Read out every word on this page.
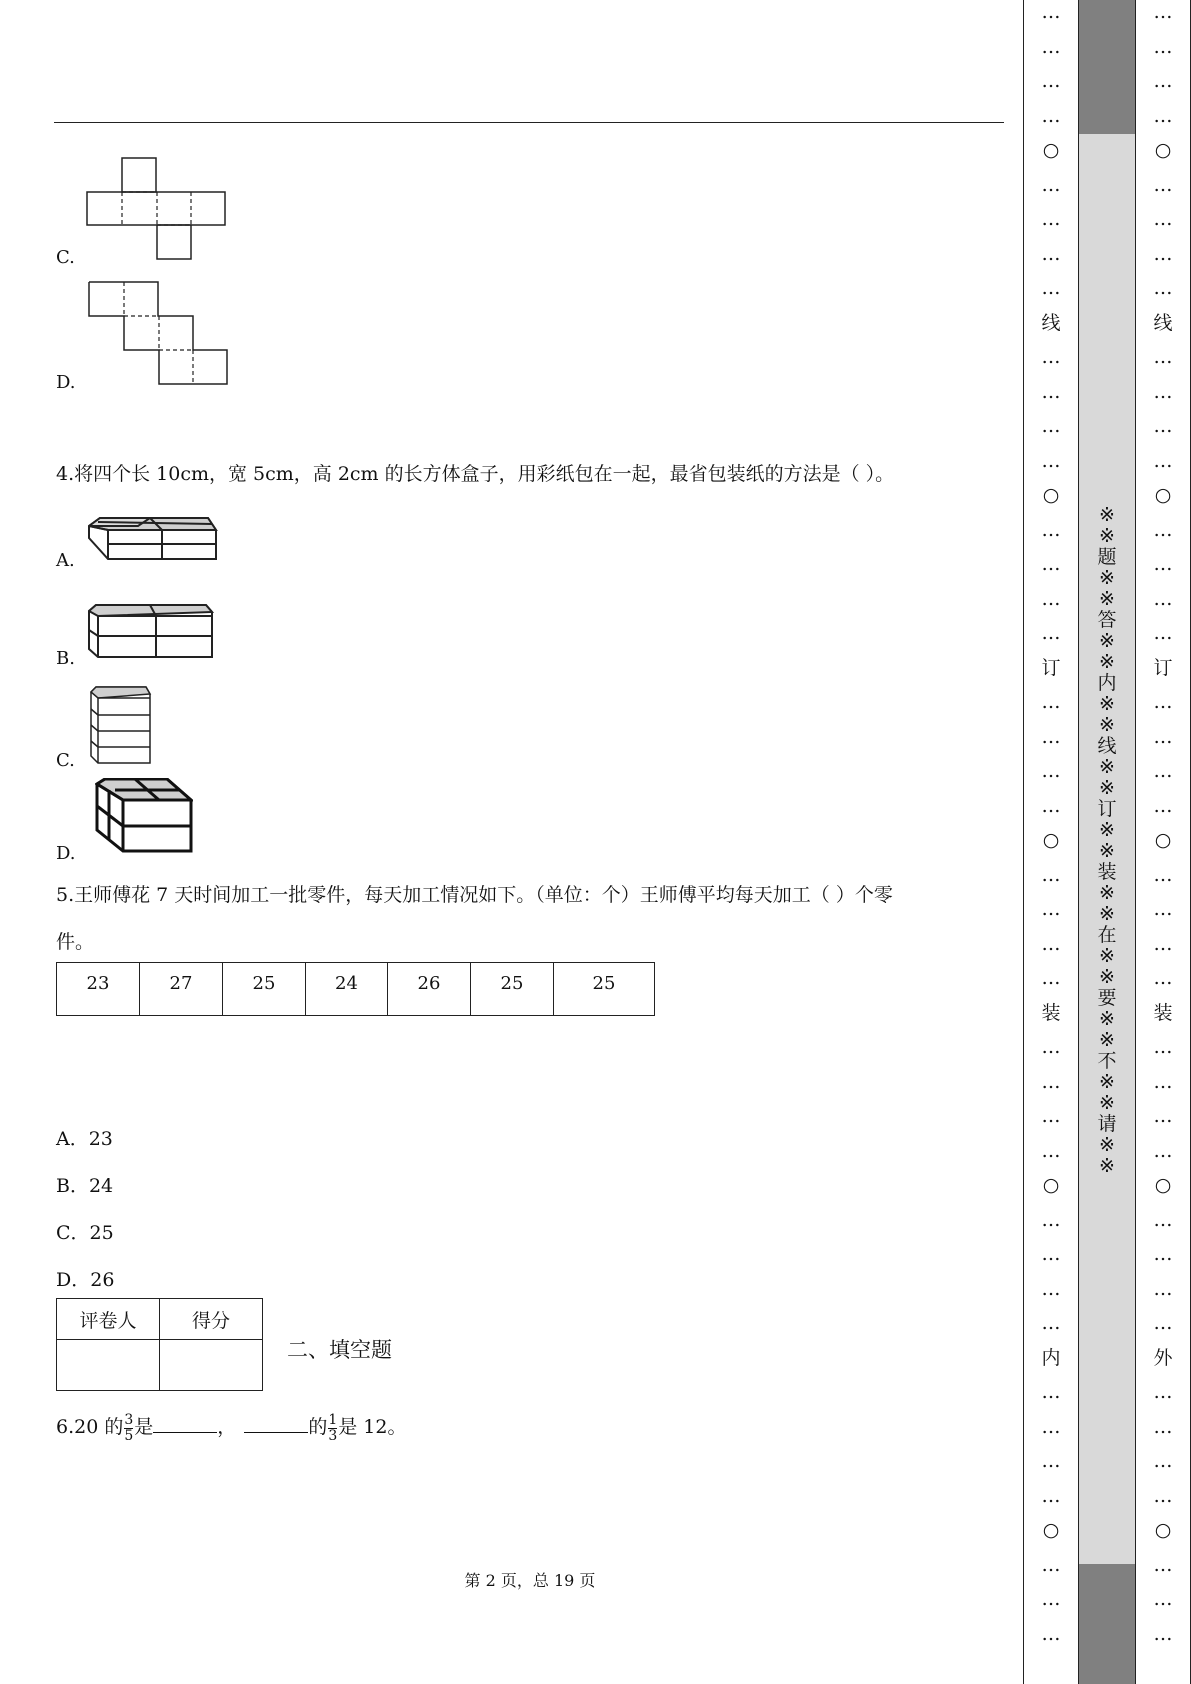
C.
D.
4.将四个长 10cm，宽 5cm，高 2cm 的长方体盒子，用彩纸包在一起，最省包装纸的方法是（ ）。
A.
B.
C.
D.
5.王师傅花 7 天时间加工一批零件，每天加工情况如下。（单位：个）王师傅平均每天加工（ ）个零
件。
23	27	25	24	26	25	25
A．23
B．24
C．25
D．26
评卷人	得分

二、填空题
6.20 的 $\frac{3}{5}$ 是	，	的 $\frac{1}{3}$ 是 12。
第 2 页，总 19 页
…
…
…
…
○
…
…
…
…
线
…
…
…
…
○
…
…
…
…
订
…
…
…
…
○
…
…
…
…
装
…
…
…
…
○
…
…
…
…
内
…
…
…
…
○
…
…
…
…
…
…
…
○
…
…
…
…
线
…
…
…
…
○
…
…
…
…
订
…
…
…
…
○
…
…
…
…
装
…
…
…
…
○
…
…
…
…
外
…
…
…
…
○
…
…
…
※
※
题
※
※
答
※
※
内
※
※
线
※
※
订
※
※
装
※
※
在
※
※
要
※
※
不
※
※
请
※
※
